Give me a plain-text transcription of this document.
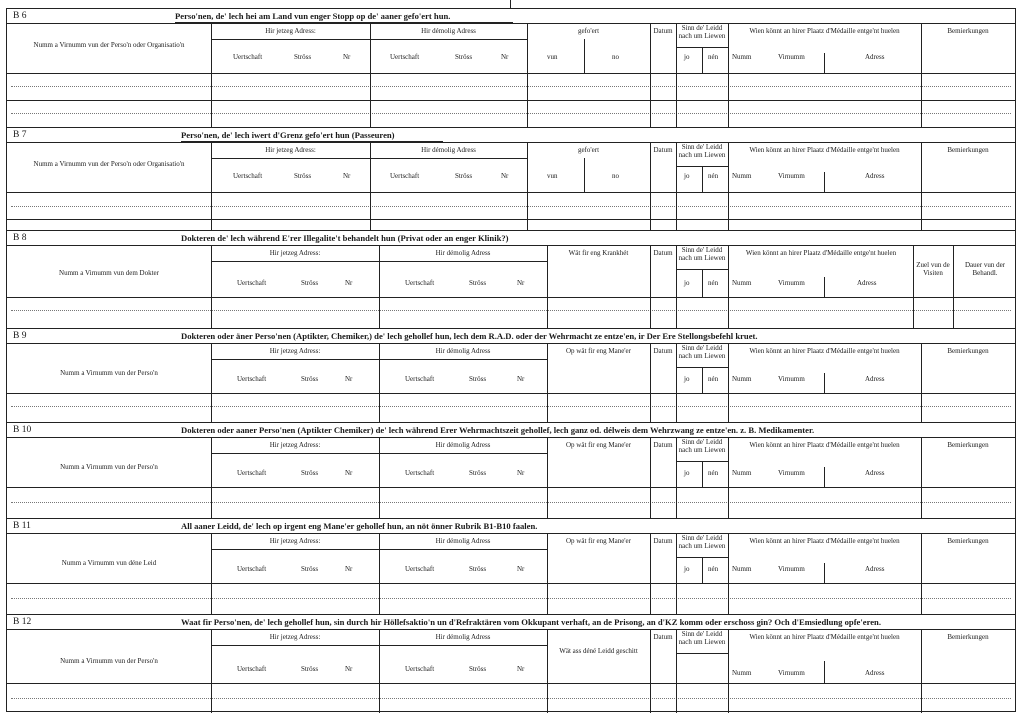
B 6	Perso'nen, de' lech hei am Land vun enger Stopp op de' aaner gefo'ert hun.
Numm a Virnumm vun der Perso'n oder Organisatio'n
Hir jetzeg Adress:
Uertschaft	Ströss	Nr
Hir démolig Adress
Uertschaft	Ströss	Nr
gefo'ert
vun	no
Datum	Sinn de' Leidd nach um Liewen
jo	nén
Wien könnt an hirer Plaatz d'Médaille entge'nt huelen
Numm	Virnumm	Adress
Bemierkungen
B 7	Perso'nen, de' lech iwert d'Grenz gefo'ert hun (Passeuren)
Numm a Virnumm vun der Perso'n oder Organisatio'n
Hir jetzeg Adress:
Uertschaft	Ströss	Nr
Hir démolig Adress
Uertschaft	Ströss	Nr
gefo'ert
vun	no
Datum	Sinn de' Leidd nach um Liewen
jo	nén
Wien könnt an hirer Plaatz d'Médaille entge'nt huelen
Numm	Virnumm	Adress
Bemierkungen
B 8	Dokteren de' lech während E'rer Illegalite't behandelt hun (Privat oder an enger Klinik?)
Numm a Virnumm vun dem Dokter
Hir jetzeg Adress:
Uertschaft	Ströss	Nr
Hir démolig Adress
Uertschaft	Ströss	Nr
Wät fir eng Krankhét	Datum	Sinn de' Leidd nach um Liewen
jo	nén
Wien könnt an hirer Plaatz d'Médaille entge'nt huelen
Numm	Virnumm	Adress
Zuel vun de Visiten
Dauer vun der Behandl.
B 9	Dokteren oder äner Perso'nen (Aptikter, Chemiker,) de' lech gehollef hun, lech dem R.A.D. oder der Wehrmacht ze entze'en, ir Der Ere Stellongsbefehl kruet.
Numm a Virnumm vun der Perso'n
Hir jetzeg Adress:
Uertschaft	Ströss	Nr
Hir démolig Adress
Uertschaft	Ströss	Nr
Op wät fir eng Mane'er	Datum	Sinn de' Leidd nach um Liewen
jo	nén
Wien könnt an hirer Plaatz d'Médaille entge'nt huelen
Numm	Virnumm	Adress
Bemierkungen
B 10	Dokteren oder aaner Perso'nen (Aptikter Chemiker) de' lech während Erer Wehrmachtszeit gehollef, lech ganz od. délweis dem Wehrzwang ze entze'en. z. B. Medikamenter.
Numm a Virnumm vun der Perso'n
Hir jetzeg Adress:
Uertschaft	Ströss	Nr
Hir démolig Adress
Uertschaft	Ströss	Nr
Op wät fir eng Mane'er	Datum	Sinn de' Leidd nach um Liewen
jo	nén
Wien könnt an hirer Plaatz d'Médaille entge'nt huelen
Numm	Virnumm	Adress
Bemierkungen
B 11	All aaner Leidd, de' lech op irgent eng Mane'er gehollef hun, an nöt önner Rubrik B1-B10 faalen.
Numm a Virnumm vun déne Leid
Hir jetzeg Adress:
Uertschaft	Ströss	Nr
Hir démolig Adress
Uertschaft	Ströss	Nr
Op wät fir eng Mane'er	Datum	Sinn de' Leidd nach um Liewen
jo	nén
Wien könnt an hirer Plaatz d'Médaille entge'nt huelen
Numm	Virnumm	Adress
Bemierkungen
B 12	Waat fir Perso'nen, de' lech gehollef hun, sin durch hir Höllefsaktio'n un d'Refraktären vom Okkupant verhaft, an de Prisong, an d'KZ komm oder erschoss gin? Och d'Emsiedlung opfe'eren.
Numm a Virnumm vun der Perso'n
Hir jetzeg Adress:
Uertschaft	Ströss	Nr
Hir démolig Adress
Uertschaft	Ströss	Nr
Wät ass déné Leidd geschitt
Datum	Sinn de' Leidd nach um Liewen
Wien könnt an hirer Plaatz d'Médaille entge'nt huelen
Numm	Virnumm	Adress
Bemierkungen
